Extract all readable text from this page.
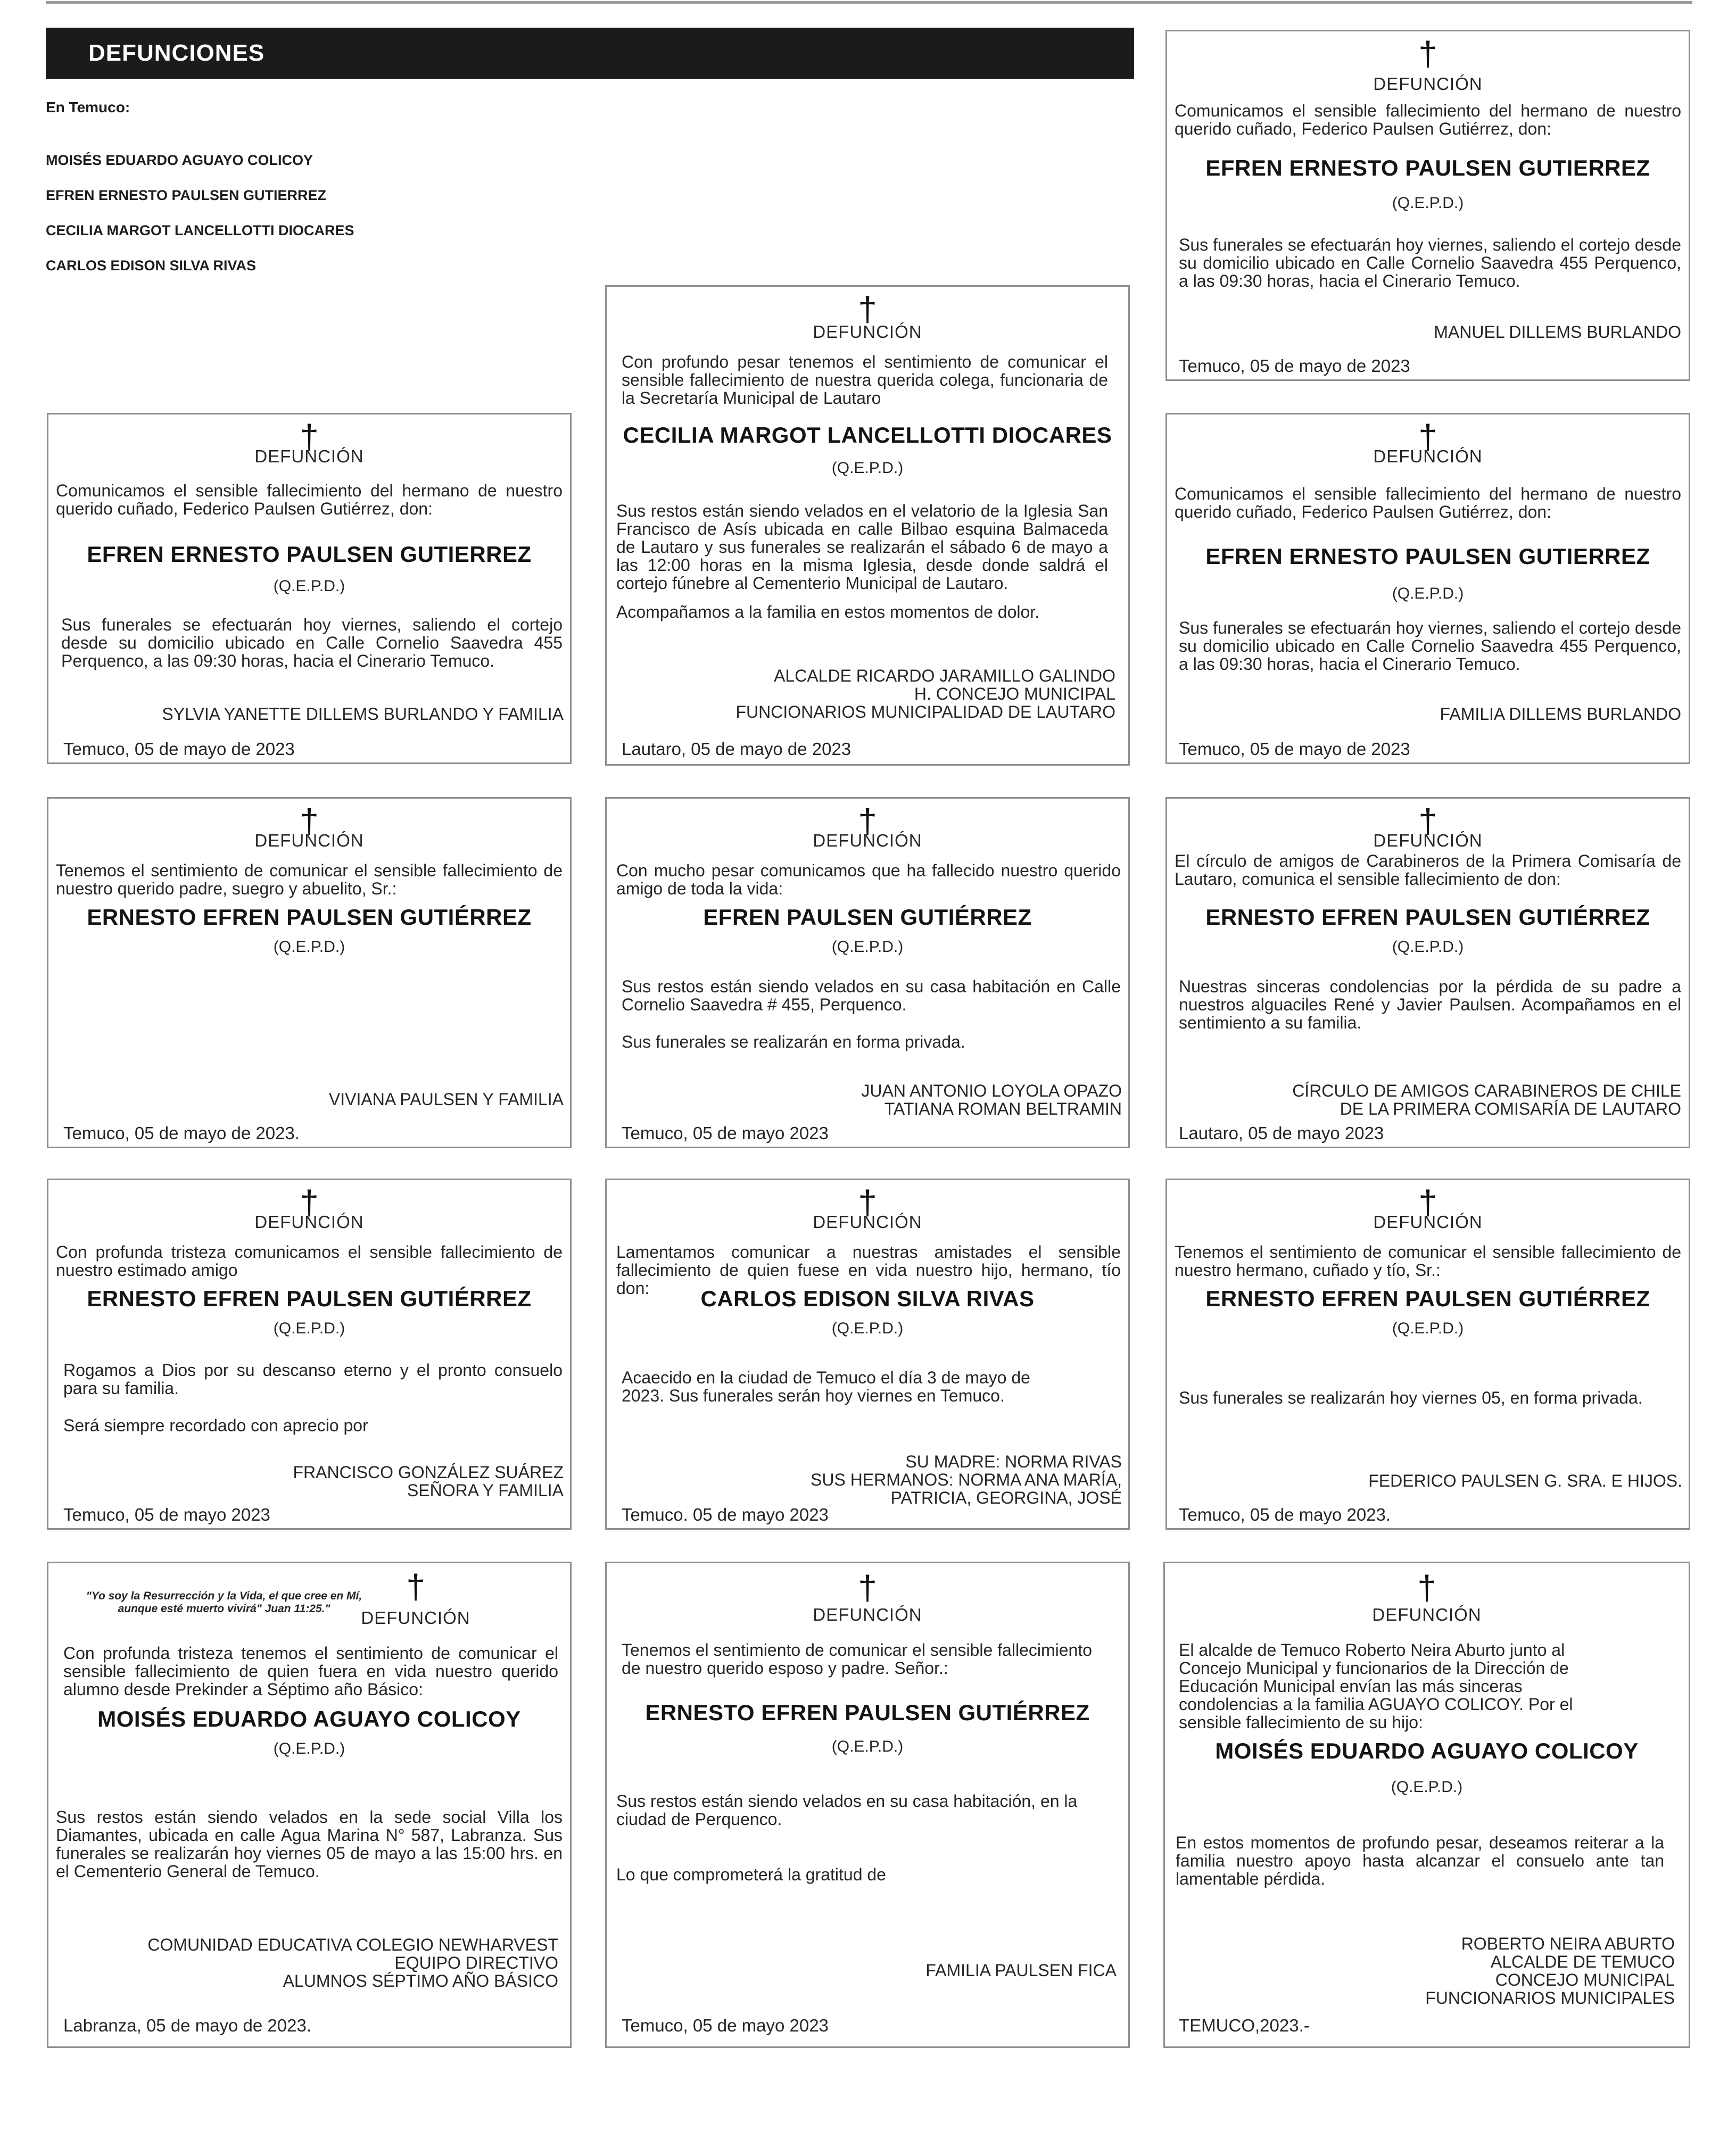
DEFUNCIONES
En Temuco:
MOISÉS EDUARDO AGUAYO COLICOY
EFREN ERNESTO PAULSEN GUTIERREZ
CECILIA MARGOT LANCELLOTTI DIOCARES
CARLOS EDISON SILVA RIVAS
†
DEFUNCIÓN
Comunicamos el sensible fallecimiento del hermano de nuestro querido cuñado, Federico Paulsen Gutiérrez, don:
EFREN ERNESTO PAULSEN GUTIERREZ
(Q.E.P.D.)
Sus funerales se efectuarán hoy viernes, saliendo el cortejo desde su domicilio ubicado en Calle Cornelio Saavedra 455 Perquenco, a las 09:30 horas, hacia el Cinerario Temuco.
MANUEL DILLEMS BURLANDO
Temuco, 05 de mayo de 2023
†
DEFUNCIÓN
Con profundo pesar tenemos el sentimiento de comunicar el sensible fallecimiento de nuestra querida colega, funcionaria de la Secretaría Municipal de Lautaro
CECILIA MARGOT LANCELLOTTI DIOCARES
(Q.E.P.D.)
Sus restos están siendo velados en el velatorio de la Iglesia San Francisco de Asís ubicada en calle Bilbao esquina Balmaceda de Lautaro y sus funerales se realizarán el sábado 6 de mayo a las 12:00 horas en la misma Iglesia, desde donde saldrá el cortejo fúnebre al Cementerio Municipal de Lautaro.
Acompañamos a la familia en estos momentos de dolor.
ALCALDE RICARDO JARAMILLO GALINDO
H. CONCEJO MUNICIPAL
FUNCIONARIOS MUNICIPALIDAD DE LAUTARO
Lautaro, 05 de mayo de 2023
†
DEFUNCIÓN
Comunicamos el sensible fallecimiento del hermano de nuestro querido cuñado, Federico Paulsen Gutiérrez, don:
EFREN ERNESTO PAULSEN GUTIERREZ
(Q.E.P.D.)
Sus funerales se efectuarán hoy viernes, saliendo el cortejo desde su domicilio ubicado en Calle Cornelio Saavedra 455 Perquenco, a las 09:30 horas, hacia el Cinerario Temuco.
SYLVIA YANETTE DILLEMS BURLANDO Y FAMILIA
Temuco, 05 de mayo de 2023
†
DEFUNCIÓN
Comunicamos el sensible fallecimiento del hermano de nuestro querido cuñado, Federico Paulsen Gutiérrez, don:
EFREN ERNESTO PAULSEN GUTIERREZ
(Q.E.P.D.)
Sus funerales se efectuarán hoy viernes, saliendo el cortejo desde su domicilio ubicado en Calle Cornelio Saavedra 455 Perquenco, a las 09:30 horas, hacia el Cinerario Temuco.
FAMILIA DILLEMS BURLANDO
Temuco, 05 de mayo de 2023
†
DEFUNCIÓN
Tenemos el sentimiento de comunicar el sensible fallecimiento de nuestro querido padre, suegro y abuelito, Sr.:
ERNESTO EFREN PAULSEN GUTIÉRREZ
(Q.E.P.D.)
VIVIANA PAULSEN Y FAMILIA
Temuco, 05 de mayo de 2023.
†
DEFUNCIÓN
Con mucho pesar comunicamos que ha fallecido nuestro querido amigo de toda la vida:
EFREN PAULSEN GUTIÉRREZ
(Q.E.P.D.)
Sus restos están siendo velados en su casa habitación en Calle Cornelio Saavedra # 455, Perquenco.
Sus funerales se realizarán en forma privada.
JUAN ANTONIO LOYOLA OPAZO
TATIANA ROMAN BELTRAMIN
Temuco, 05 de mayo 2023
†
DEFUNCIÓN
El círculo de amigos de Carabineros de la Primera Comisaría de Lautaro, comunica el sensible fallecimiento de don:
ERNESTO EFREN PAULSEN GUTIÉRREZ
(Q.E.P.D.)
Nuestras sinceras condolencias por la pérdida de su padre a nuestros alguaciles René y Javier Paulsen. Acompañamos en el sentimiento a su familia.
CÍRCULO DE AMIGOS CARABINEROS DE CHILE
DE LA PRIMERA COMISARÍA DE LAUTARO
Lautaro, 05 de mayo 2023
†
DEFUNCIÓN
Con profunda tristeza comunicamos el sensible fallecimiento de nuestro estimado amigo
ERNESTO EFREN PAULSEN GUTIÉRREZ
(Q.E.P.D.)
Rogamos a Dios por su descanso eterno y el pronto consuelo para su familia.
Será siempre recordado con aprecio por
FRANCISCO GONZÁLEZ SUÁREZ
SEÑORA Y FAMILIA
Temuco, 05 de mayo 2023
†
DEFUNCIÓN
Lamentamos comunicar a nuestras amistades el sensible fallecimiento de quien fuese en vida nuestro hijo, hermano, tío don:	CARLOS EDISON SILVA RIVAS
(Q.E.P.D.)
Acaecido en la ciudad de Temuco el día 3 de mayo de 2023. Sus funerales serán hoy viernes en Temuco.
SU MADRE: NORMA RIVAS
SUS HERMANOS: NORMA ANA MARÍA,
PATRICIA, GEORGINA, JOSÉ
Temuco. 05 de mayo 2023
†
DEFUNCIÓN
Tenemos el sentimiento de comunicar el sensible fallecimiento de nuestro hermano, cuñado y tío, Sr.:
ERNESTO EFREN PAULSEN GUTIÉRREZ
(Q.E.P.D.)
Sus funerales se realizarán hoy viernes 05, en forma privada.
FEDERICO PAULSEN G. SRA. E HIJOS.
Temuco, 05 de mayo 2023.
"Yo soy la Resurrección y la Vida, el que cree en Mí, aunque esté muerto vivirá" Juan 11:25."
†
DEFUNCIÓN
Con profunda tristeza tenemos el sentimiento de comunicar el sensible fallecimiento de quien fuera en vida nuestro querido alumno desde Prekinder a Séptimo año Básico:
MOISÉS EDUARDO AGUAYO COLICOY
(Q.E.P.D.)
Sus restos están siendo velados en la sede social Villa los Diamantes, ubicada en calle Agua Marina N° 587, Labranza. Sus funerales se realizarán hoy viernes 05 de mayo a las 15:00 hrs. en el Cementerio General de Temuco.
COMUNIDAD EDUCATIVA COLEGIO NEWHARVEST
EQUIPO DIRECTIVO
ALUMNOS SÉPTIMO AÑO BÁSICO
Labranza, 05 de mayo de 2023.
†
DEFUNCIÓN
Tenemos el sentimiento de comunicar el sensible fallecimiento de nuestro querido esposo y padre. Señor.:
ERNESTO EFREN PAULSEN GUTIÉRREZ
(Q.E.P.D.)
Sus restos están siendo velados en su casa habitación, en la ciudad de Perquenco.
Lo que comprometerá la gratitud de
FAMILIA PAULSEN FICA
Temuco, 05 de mayo 2023
†
DEFUNCIÓN
El alcalde de Temuco Roberto Neira Aburto junto al Concejo Municipal y funcionarios de la Dirección de Educación Municipal envían las más sinceras condolencias a la familia AGUAYO COLICOY. Por el sensible fallecimiento de su hijo:
MOISÉS EDUARDO AGUAYO COLICOY
(Q.E.P.D.)
En estos momentos de profundo pesar, deseamos reiterar a la familia nuestro apoyo hasta alcanzar el consuelo ante tan lamentable pérdida.
ROBERTO NEIRA ABURTO
ALCALDE DE TEMUCO
CONCEJO MUNICIPAL
FUNCIONARIOS MUNICIPALES
TEMUCO,2023.-
